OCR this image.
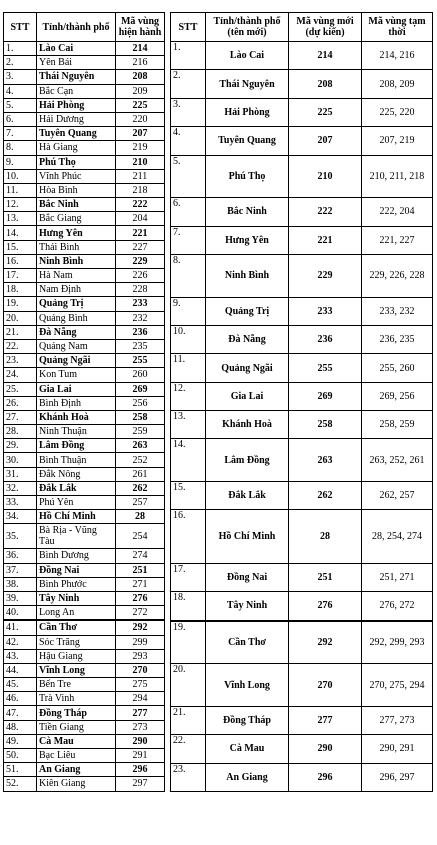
STT	Tỉnh/thành phố	Mã vùng hiện hành
1.	Lào Cai	214
2.	Yên Bái	216
3.	Thái Nguyên	208
4.	Bắc Cạn	209
5.	Hải Phòng	225
6.	Hải Dương	220
7.	Tuyên Quang	207
8.	Hà Giang	219
9.	Phú Thọ	210
10.	Vĩnh Phúc	211
11.	Hòa Bình	218
12.	Bắc Ninh	222
13.	Bắc Giang	204
14.	Hưng Yên	221
15.	Thái Bình	227
16.	Ninh Bình	229
17.	Hà Nam	226
18.	Nam Định	228
19.	Quảng Trị	233
20.	Quảng Bình	232
21.	Đà Nẵng	236
22.	Quảng Nam	235
23.	Quảng Ngãi	255
24.	Kon Tum	260
25.	Gia Lai	269
26.	Bình Định	256
27.	Khánh Hoà	258
28.	Ninh Thuận	259
29.	Lâm Đồng	263
30.	Bình Thuận	252
31.	Đắk Nông	261
32.	Đắk Lắk	262
33.	Phú Yên	257
34.	Hồ Chí Minh	28
35.	Bà Rịa - Vũng Tàu	254
36.	Bình Dương	274
37.	Đồng Nai	251
38.	Bình Phước	271
39.	Tây Ninh	276
40.	Long An	272
41.	Cần Thơ	292
42.	Sóc Trăng	299
43.	Hậu Giang	293
44.	Vĩnh Long	270
45.	Bến Tre	275
46.	Trà Vinh	294
47.	Đồng Tháp	277
48.	Tiền Giang	273
49.	Cà Mau	290
50.	Bạc Liêu	291
51.	An Giang	296
52.	Kiên Giang	297
STT	Tỉnh/thành phố (tên mới)	Mã vùng mới (dự kiến)	Mã vùng tạm thời
1.	Lào Cai	214	214, 216
2.	Thái Nguyên	208	208, 209
3.	Hải Phòng	225	225, 220
4.	Tuyên Quang	207	207, 219
5.	Phú Thọ	210	210, 211, 218
6.	Bắc Ninh	222	222, 204
7.	Hưng Yên	221	221, 227
8.	Ninh Bình	229	229, 226, 228
9.	Quảng Trị	233	233, 232
10.	Đà Nẵng	236	236, 235
11.	Quảng Ngãi	255	255, 260
12.	Gia Lai	269	269, 256
13.	Khánh Hoà	258	258, 259
14.	Lâm Đồng	263	263, 252, 261
15.	Đắk Lắk	262	262, 257
16.	Hồ Chí Minh	28	28, 254, 274
17.	Đồng Nai	251	251, 271
18.	Tây Ninh	276	276, 272
19.	Cần Thơ	292	292, 299, 293
20.	Vĩnh Long	270	270, 275, 294
21.	Đồng Tháp	277	277, 273
22.	Cà Mau	290	290, 291
23.	An Giang	296	296, 297
